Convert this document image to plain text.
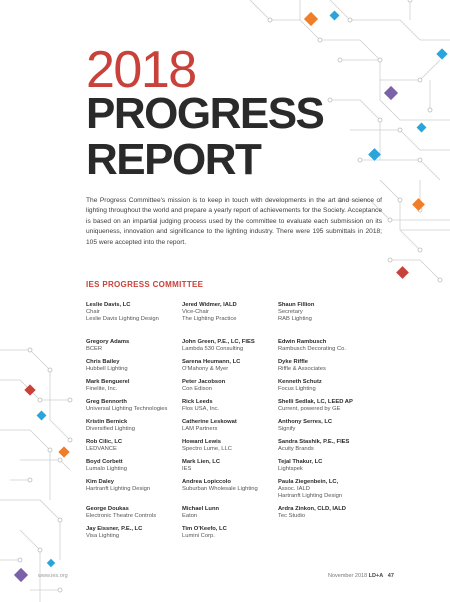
2018
PROGRESS
REPORT

The Progress Committee's mission is to keep in touch with developments in the art and science of lighting throughout the world and prepare a yearly report of achievements for the Society. Acceptance is based on an impartial judging process used by the committee to evaluate each submission on its uniqueness, innovation and significance to the lighting industry. There were 195 submittals in 2018; 105 were accepted into the report.

IES PROGRESS COMMITTEE
Leslie Davis, LC
Chair
Leslie Davis Lighting Design
Jered Widmer, IALD
Vice-Chair
The Lighting Practice
Shaun Fillion
Secretary
RAB Lighting
Gregory Adams
BCER
John Green, P.E., LC, FIES
Lambda 530 Consulting
Edwin Rambusch
Rambusch Decorating Co.
Chris Bailey
Hubbell Lighting
Sarena Heumann, LC
O'Mahony & Myer
Dyke Riffle
Riffle & Associates
Mark Benguerel
Finelite, Inc.
Peter Jacobson
Con Edison
Kenneth Schutz
Focus Lighting
Greg Bennorth
Universal Lighting Technologies
Rick Leeds
Flos USA, Inc.
Shelli Sedlak, LC, LEED AP
Current, powered by GE
Kristin Bernick
Diversified Lighting
Catherine Leskowat
LAM Partners
Anthony Serres, LC
Signify
Rob Cilic, LC
LEDVANCE
Howard Lewis
Spectro Lume, LLC
Sandra Stashik, P.E., FIES
Acuity Brands
Boyd Corbett
Lumalo Lighting
Mark Lien, LC
IES
Tejal Thakur, LC
Lightspek
Kim Daley
Hartranft Lighting Design
Andrea Lopiccolo
Suburban Wholesale Lighting
Paula Ziegenbein, LC,
Assoc. IALD
Hartranft Lighting Design
George Doukas
Electronic Theatre Controls
Michael Lunn
Eaton
Ardra Zinkon, CLD, IALD
Tec Studio
Jay Eissner, P.E., LC
Visa Lighting
Tim O'Keefo, LC
Lumini Corp.
www.ies.org	November 2018 LD+A 47
